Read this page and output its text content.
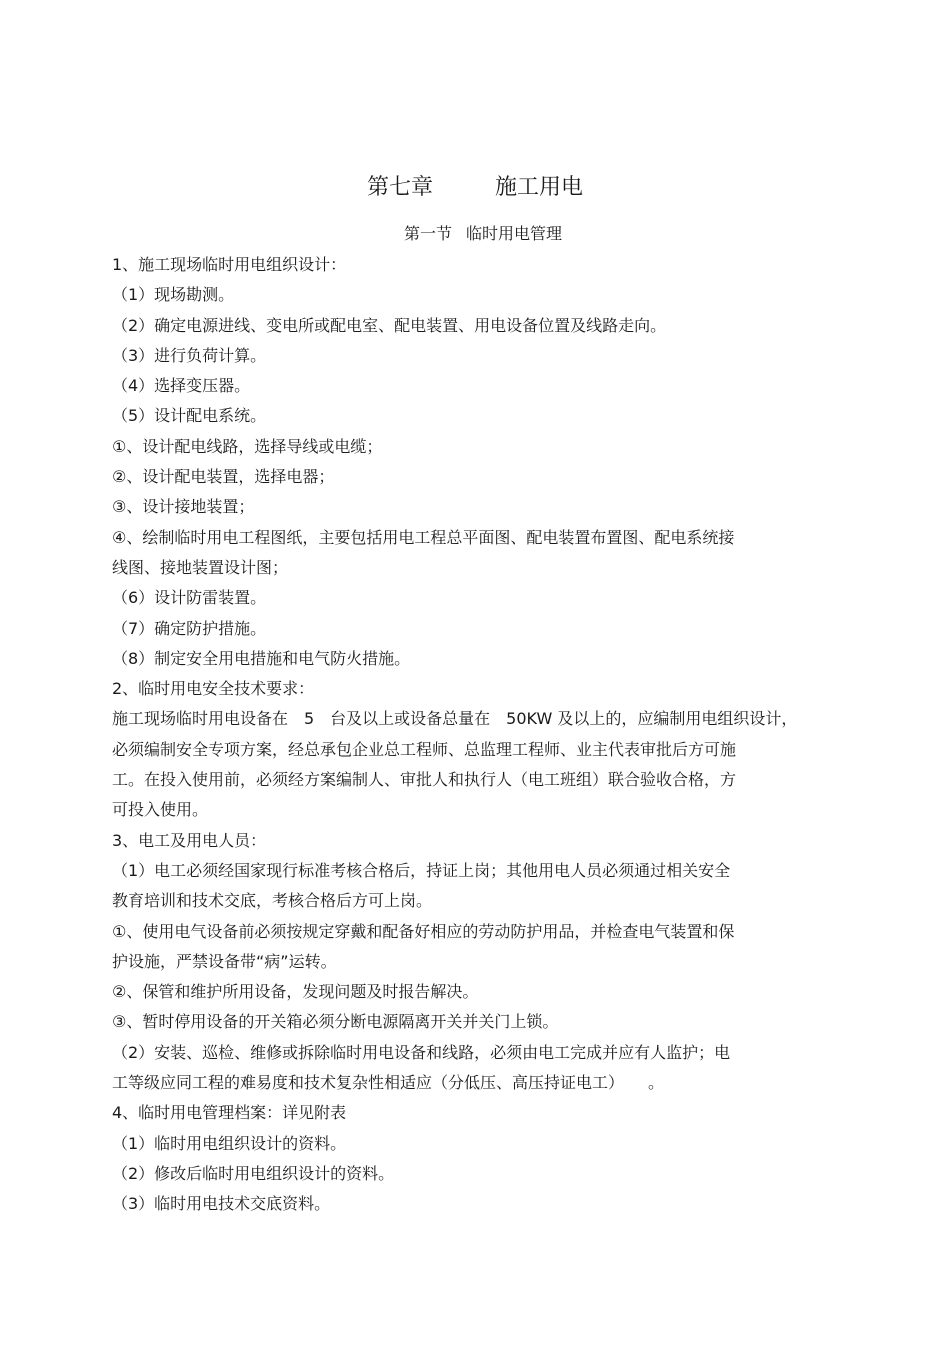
第七章	施工用电
第一节 临时用电管理
1、施工现场临时用电组织设计：
（1）现场勘测。
（2）确定电源进线、变电所或配电室、配电装置、用电设备位置及线路走向。
（3）进行负荷计算。
（4）选择变压器。
（5）设计配电系统。
①、设计配电线路，选择导线或电缆；
②、设计配电装置，选择电器；
③、设计接地装置；
④、绘制临时用电工程图纸，主要包括用电工程总平面图、配电装置布置图、配电系统接
线图、接地装置设计图；
（6）设计防雷装置。
（7）确定防护措施。
（8）制定安全用电措施和电气防火措施。
2、临时用电安全技术要求：
施工现场临时用电设备在　5　台及以上或设备总量在　50KW 及以上的，应编制用电组织设计，
必须编制安全专项方案，经总承包企业总工程师、总监理工程师、业主代表审批后方可施
工。在投入使用前，必须经方案编制人、审批人和执行人（电工班组）联合验收合格，方
可投入使用。
3、电工及用电人员：
（1）电工必须经国家现行标准考核合格后，持证上岗；其他用电人员必须通过相关安全
教育培训和技术交底，考核合格后方可上岗。
①、使用电气设备前必须按规定穿戴和配备好相应的劳动防护用品，并检查电气装置和保
护设施，严禁设备带“病”运转。
②、保管和维护所用设备，发现问题及时报告解决。
③、暂时停用设备的开关箱必须分断电源隔离开关并关门上锁。
（2）安装、巡检、维修或拆除临时用电设备和线路，必须由电工完成并应有人监护；电
工等级应同工程的难易度和技术复杂性相适应（分低压、高压持证电工）　　。
4、临时用电管理档案：详见附表
（1）临时用电组织设计的资料。
（2）修改后临时用电组织设计的资料。
（3）临时用电技术交底资料。
